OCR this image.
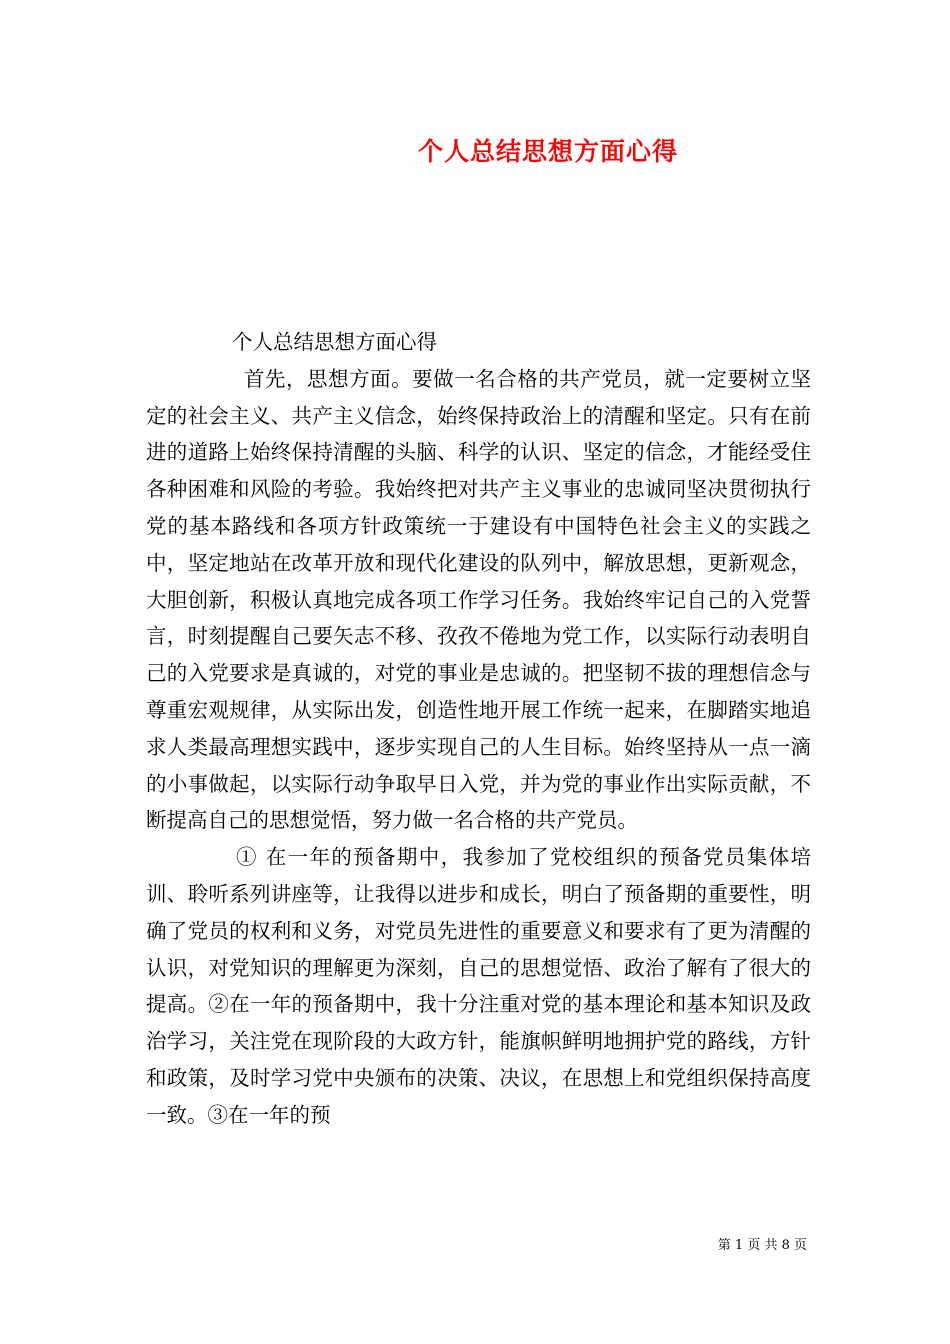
个人总结思想方面心得

个人总结思想方面心得

首先，思想方面。要做一名合格的共产党员，就一定要树立坚定的社会主义、共产主义信念，始终保持政治上的清醒和坚定。只有在前进的道路上始终保持清醒的头脑、科学的认识、坚定的信念，才能经受住各种困难和风险的考验。我始终把对共产主义事业的忠诚同坚决贯彻执行党的基本路线和各项方针政策统一于建设有中国特色社会主义的实践之中，坚定地站在改革开放和现代化建设的队列中，解放思想，更新观念，大胆创新，积极认真地完成各项工作学习任务。我始终牢记自己的入党誓言，时刻提醒自己要矢志不移、孜孜不倦地为党工作，以实际行动表明自己的入党要求是真诚的，对党的事业是忠诚的。把坚韧不拔的理想信念与尊重宏观规律，从实际出发，创造性地开展工作统一起来，在脚踏实地追求人类最高理想实践中，逐步实现自己的人生目标。始终坚持从一点一滴的小事做起，以实际行动争取早日入党，并为党的事业作出实际贡献，不断提高自己的思想觉悟，努力做一名合格的共产党员。

① 在一年的预备期中，我参加了党校组织的预备党员集体培训、聆听系列讲座等，让我得以进步和成长，明白了预备期的重要性，明确了党员的权利和义务，对党员先进性的重要意义和要求有了更为清醒的认识，对党知识的理解更为深刻，自己的思想觉悟、政治了解有了很大的提高。②在一年的预备期中，我十分注重对党的基本理论和基本知识及政治学习，关注党在现阶段的大政方针，能旗帜鲜明地拥护党的路线，方针和政策，及时学习党中央颁布的决策、决议，在思想上和党组织保持高度一致。③在一年的预

第 1 页 共 8 页
